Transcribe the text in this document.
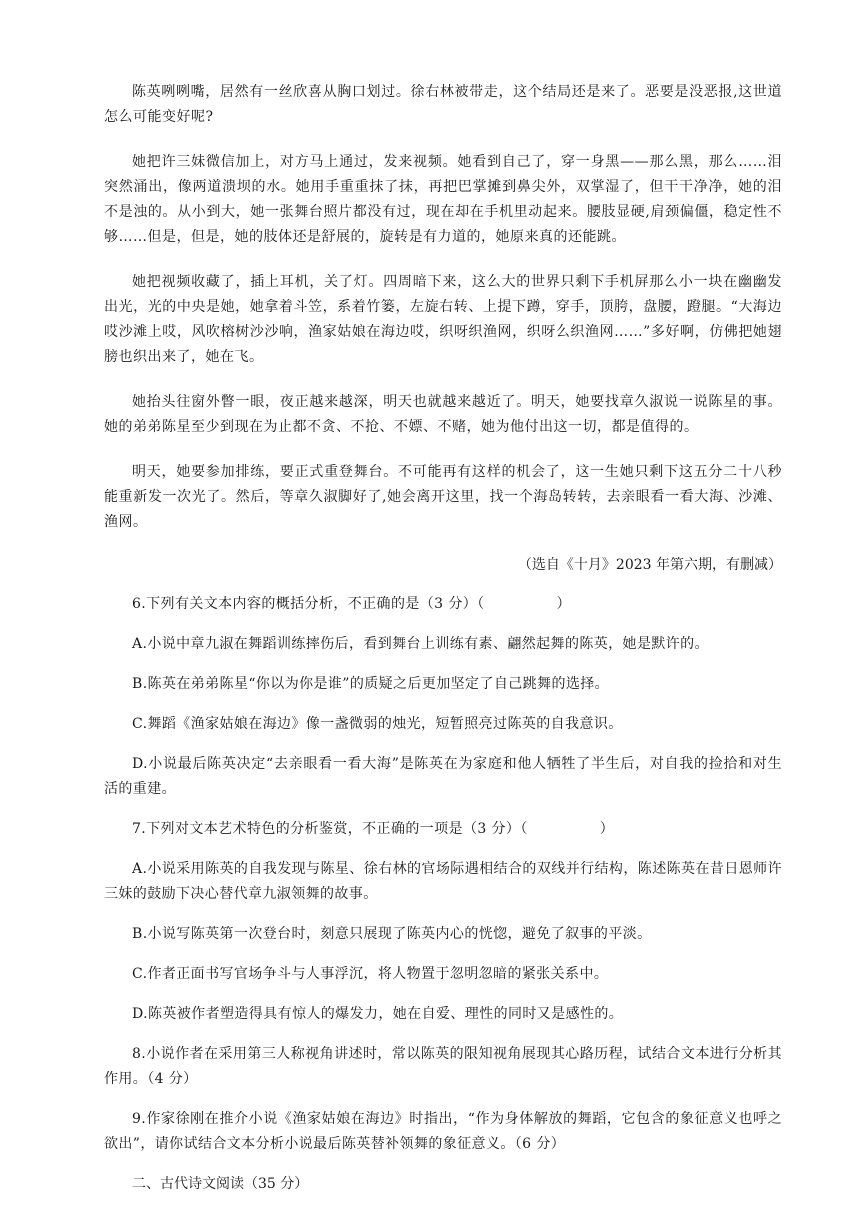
陈英咧咧嘴，居然有一丝欣喜从胸口划过。徐右林被带走，这个结局还是来了。恶要是没恶报,这世道怎么可能变好呢?

她把许三妹微信加上，对方马上通过，发来视频。她看到自己了，穿一身黑——那么黑，那么……泪突然涌出，像两道溃坝的水。她用手重重抹了抹，再把巴掌摊到鼻尖外，双掌湿了，但干干净净，她的泪不是浊的。从小到大，她一张舞台照片都没有过，现在却在手机里动起来。腰肢显硬,肩颈偏僵，稳定性不够……但是，但是，她的肢体还是舒展的，旋转是有力道的，她原来真的还能跳。

她把视频收藏了，插上耳机，关了灯。四周暗下来，这么大的世界只剩下手机屏那么小一块在幽幽发出光，光的中央是她，她拿着斗笠，系着竹篓，左旋右转、上提下蹲，穿手，顶胯，盘腰，蹬腿。“大海边哎沙滩上哎，风吹榕树沙沙响，渔家姑娘在海边哎，织呀织渔网，织呀么织渔网……”多好啊，仿佛把她翅膀也织出来了，她在飞。

她抬头往窗外瞥一眼，夜正越来越深，明天也就越来越近了。明天，她要找章久淑说一说陈星的事。她的弟弟陈星至少到现在为止都不贪、不抢、不嫖、不赌，她为他付出这一切，都是值得的。

明天，她要参加排练，要正式重登舞台。不可能再有这样的机会了，这一生她只剩下这五分二十八秒能重新发一次光了。然后，等章久淑脚好了,她会离开这里，找一个海岛转转，去亲眼看一看大海、沙滩、渔网。

（选自《十月》2023 年第六期，有删减）

6.下列有关文本内容的概括分析，不正确的是（3 分）（　　　　　）

A.小说中章九淑在舞蹈训练摔伤后，看到舞台上训练有素、翩然起舞的陈英，她是默许的。

B.陈英在弟弟陈星“你以为你是谁”的质疑之后更加坚定了自己跳舞的选择。

C.舞蹈《渔家姑娘在海边》像一盏微弱的烛光，短暂照亮过陈英的自我意识。

D.小说最后陈英决定“去亲眼看一看大海”是陈英在为家庭和他人牺牲了半生后，对自我的捡拾和对生活的重建。

7.下列对文本艺术特色的分析鉴赏，不正确的一项是（3 分）（　　　　　）

A.小说采用陈英的自我发现与陈星、徐右林的官场际遇相结合的双线并行结构，陈述陈英在昔日恩师许三妹的鼓励下决心替代章九淑领舞的故事。

B.小说写陈英第一次登台时，刻意只展现了陈英内心的恍惚，避免了叙事的平淡。

C.作者正面书写官场争斗与人事浮沉，将人物置于忽明忽暗的紧张关系中。

D.陈英被作者塑造得具有惊人的爆发力，她在自爱、理性的同时又是感性的。

8.小说作者在采用第三人称视角讲述时，常以陈英的限知视角展现其心路历程，试结合文本进行分析其作用。（4 分）

9.作家徐刚在推介小说《渔家姑娘在海边》时指出，“作为身体解放的舞蹈，它包含的象征意义也呼之欲出”，请你试结合文本分析小说最后陈英替补领舞的象征意义。（6 分）

二、古代诗文阅读（35 分）
